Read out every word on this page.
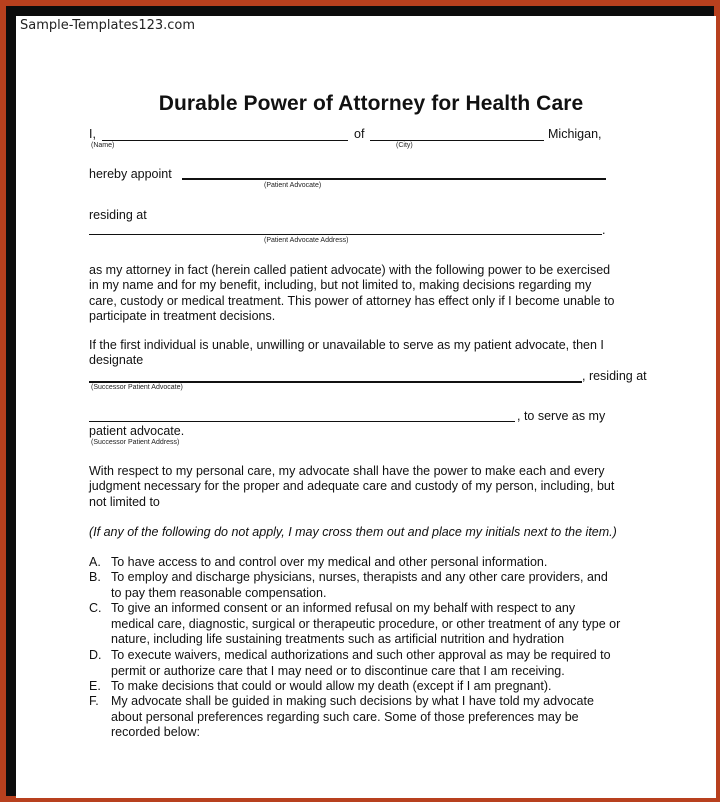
Sample-Templates123.com
Durable Power of Attorney for Health Care
I,	of	Michigan,
(Name)	(City)
hereby appoint
(Patient Advocate)
residing at
.
(Patient Advocate Address)
as my attorney in fact (herein called patient advocate) with the following power to be exercised
in my name and for my benefit, including, but not limited to, making decisions regarding my
care, custody or medical treatment. This power of attorney has effect only if I become unable to
participate in treatment decisions.
If the first individual is unable, unwilling or unavailable to serve as my patient advocate, then I
designate
, residing at
(Successor Patient Advocate)
, to serve as my
patient advocate.
(Successor Patient Address)
With respect to my personal care, my advocate shall have the power to make each and every
judgment necessary for the proper and adequate care and custody of my person, including, but
not limited to
(If any of the following do not apply, I may cross them out and place my initials next to the item.)
A. To have access to and control over my medical and other personal information.
B. To employ and discharge physicians, nurses, therapists and any other care providers, and
to pay them reasonable compensation.
C. To give an informed consent or an informed refusal on my behalf with respect to any
medical care, diagnostic, surgical or therapeutic procedure, or other treatment of any type or
nature, including life sustaining treatments such as artificial nutrition and hydration
D. To execute waivers, medical authorizations and such other approval as may be required to
permit or authorize care that I may need or to discontinue care that I am receiving.
E. To make decisions that could or would allow my death (except if I am pregnant).
F. My advocate shall be guided in making such decisions by what I have told my advocate
about personal preferences regarding such care. Some of those preferences may be
recorded below:
